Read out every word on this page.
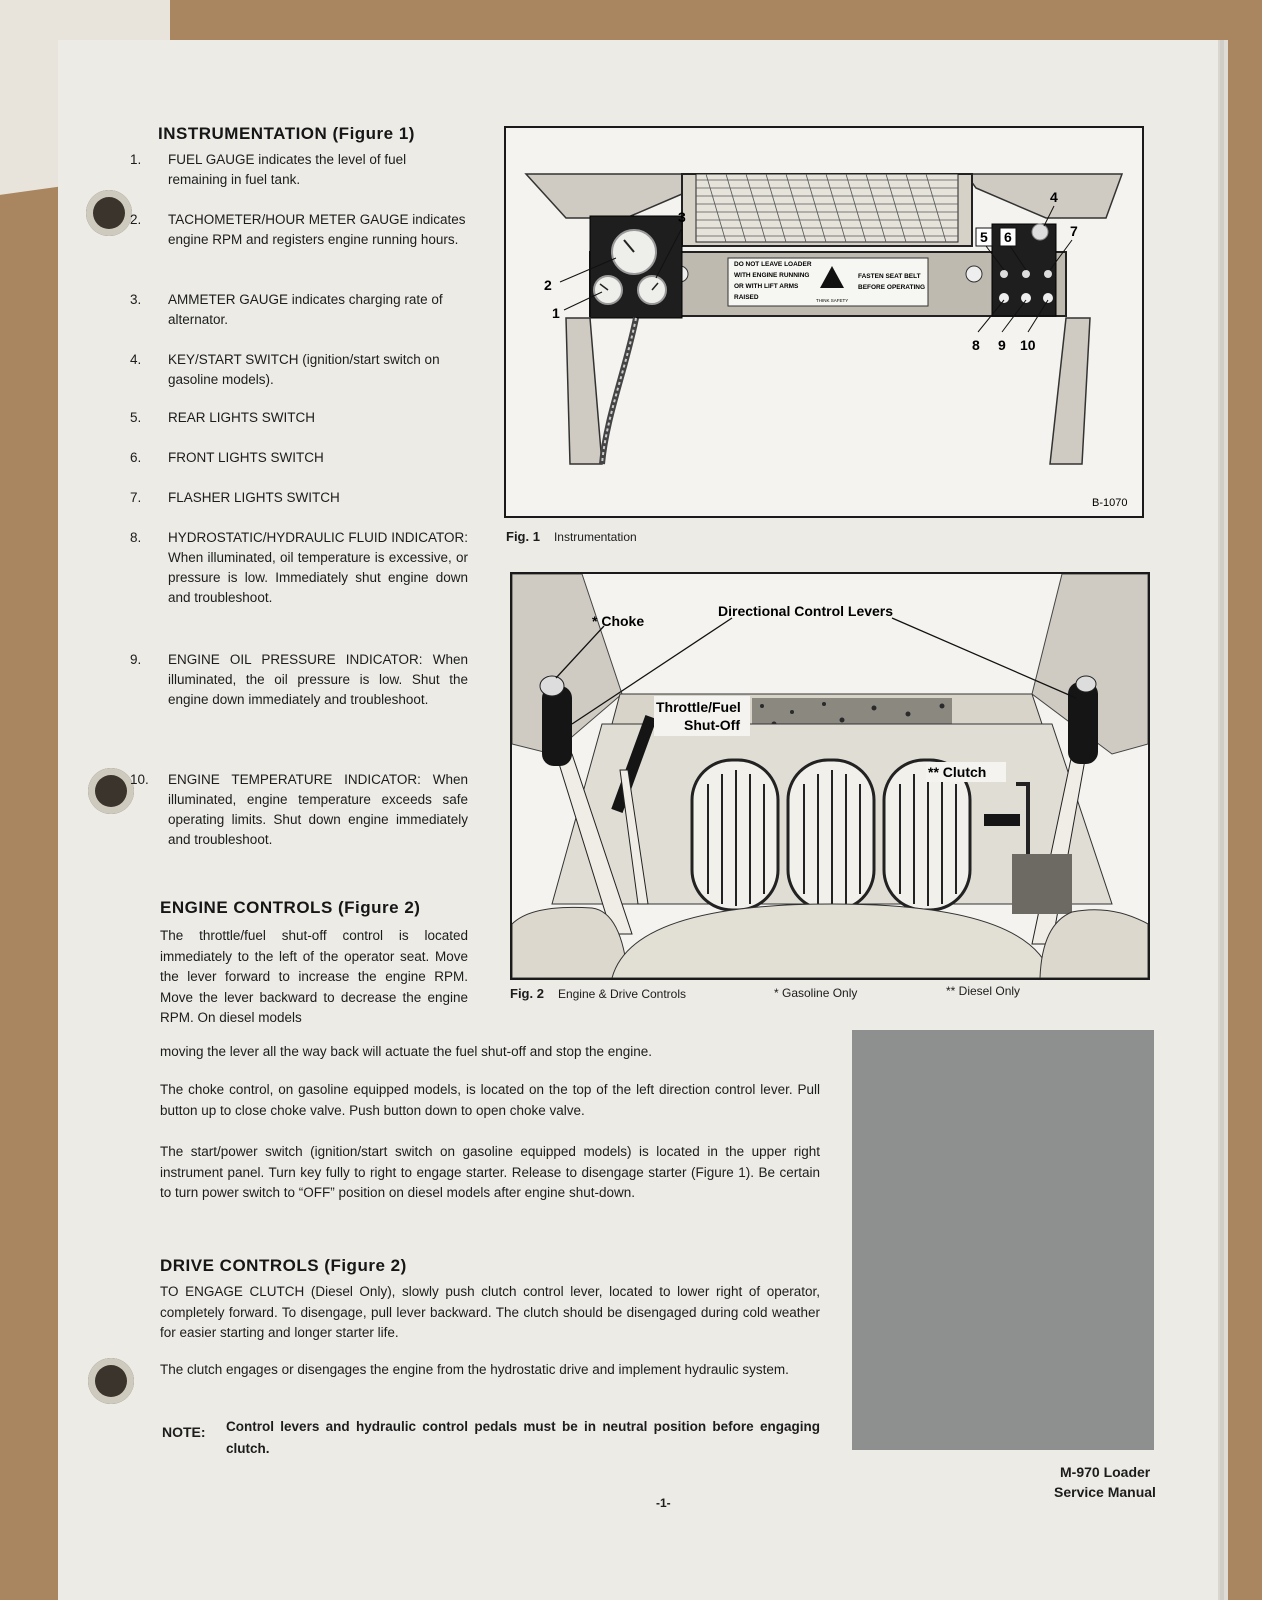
INSTRUMENTATION (Figure 1)
1. FUEL GAUGE indicates the level of fuel remaining in fuel tank.
2. TACHOMETER/HOUR METER GAUGE indicates engine RPM and registers engine running hours.
3. AMMETER GAUGE indicates charging rate of alternator.
4. KEY/START SWITCH (ignition/start switch on gasoline models).
5. REAR LIGHTS SWITCH
6. FRONT LIGHTS SWITCH
7. FLASHER LIGHTS SWITCH
8. HYDROSTATIC/HYDRAULIC FLUID INDICATOR: When illuminated, oil temperature is excessive, or pressure is low. Immediately shut engine down and troubleshoot.
9. ENGINE OIL PRESSURE INDICATOR: When illuminated, the oil pressure is low. Shut the engine down immediately and troubleshoot.
10. ENGINE TEMPERATURE INDICATOR: When illuminated, engine temperature exceeds safe operating limits. Shut down engine immediately and troubleshoot.
ENGINE CONTROLS (Figure 2)
The throttle/fuel shut-off control is located immediately to the left of the operator seat. Move the lever forward to increase the engine RPM. Move the lever backward to decrease the engine RPM. On diesel models
moving the lever all the way back will actuate the fuel shut-off and stop the engine.
The choke control, on gasoline equipped models, is located on the top of the left direction control lever. Pull button up to close choke valve. Push button down to open choke valve.
The start/power switch (ignition/start switch on gasoline equipped models) is located in the upper right instrument panel. Turn key fully to right to engage starter. Release to disengage starter (Figure 1). Be certain to turn power switch to “OFF” position on diesel models after engine shut-down.
DRIVE CONTROLS (Figure 2)
TO ENGAGE CLUTCH (Diesel Only), slowly push clutch control lever, located to lower right of operator, completely forward. To disengage, pull lever backward. The clutch should be disengaged during cold weather for easier starting and longer starter life.
The clutch engages or disengages the engine from the hydrostatic drive and implement hydraulic system.
NOTE: Control levers and hydraulic control pedals must be in neutral position before engaging clutch.
DO NOT LEAVE LOADER
WITH ENGINE RUNNING
OR WITH LIFT ARMS
RAISED
FASTEN SEAT BELT
BEFORE OPERATING
THINK SAFETY
1
2
3
4
5 6	7
8 9 10
B-1070
Fig. 1 Instrumentation
* Choke
Directional Control Levers
Throttle/Fuel
Shut-Off
** Clutch
Fig. 2 Engine & Drive Controls	* Gasoline Only	** Diesel Only
M-970 Loader
Service Manual
-1-
